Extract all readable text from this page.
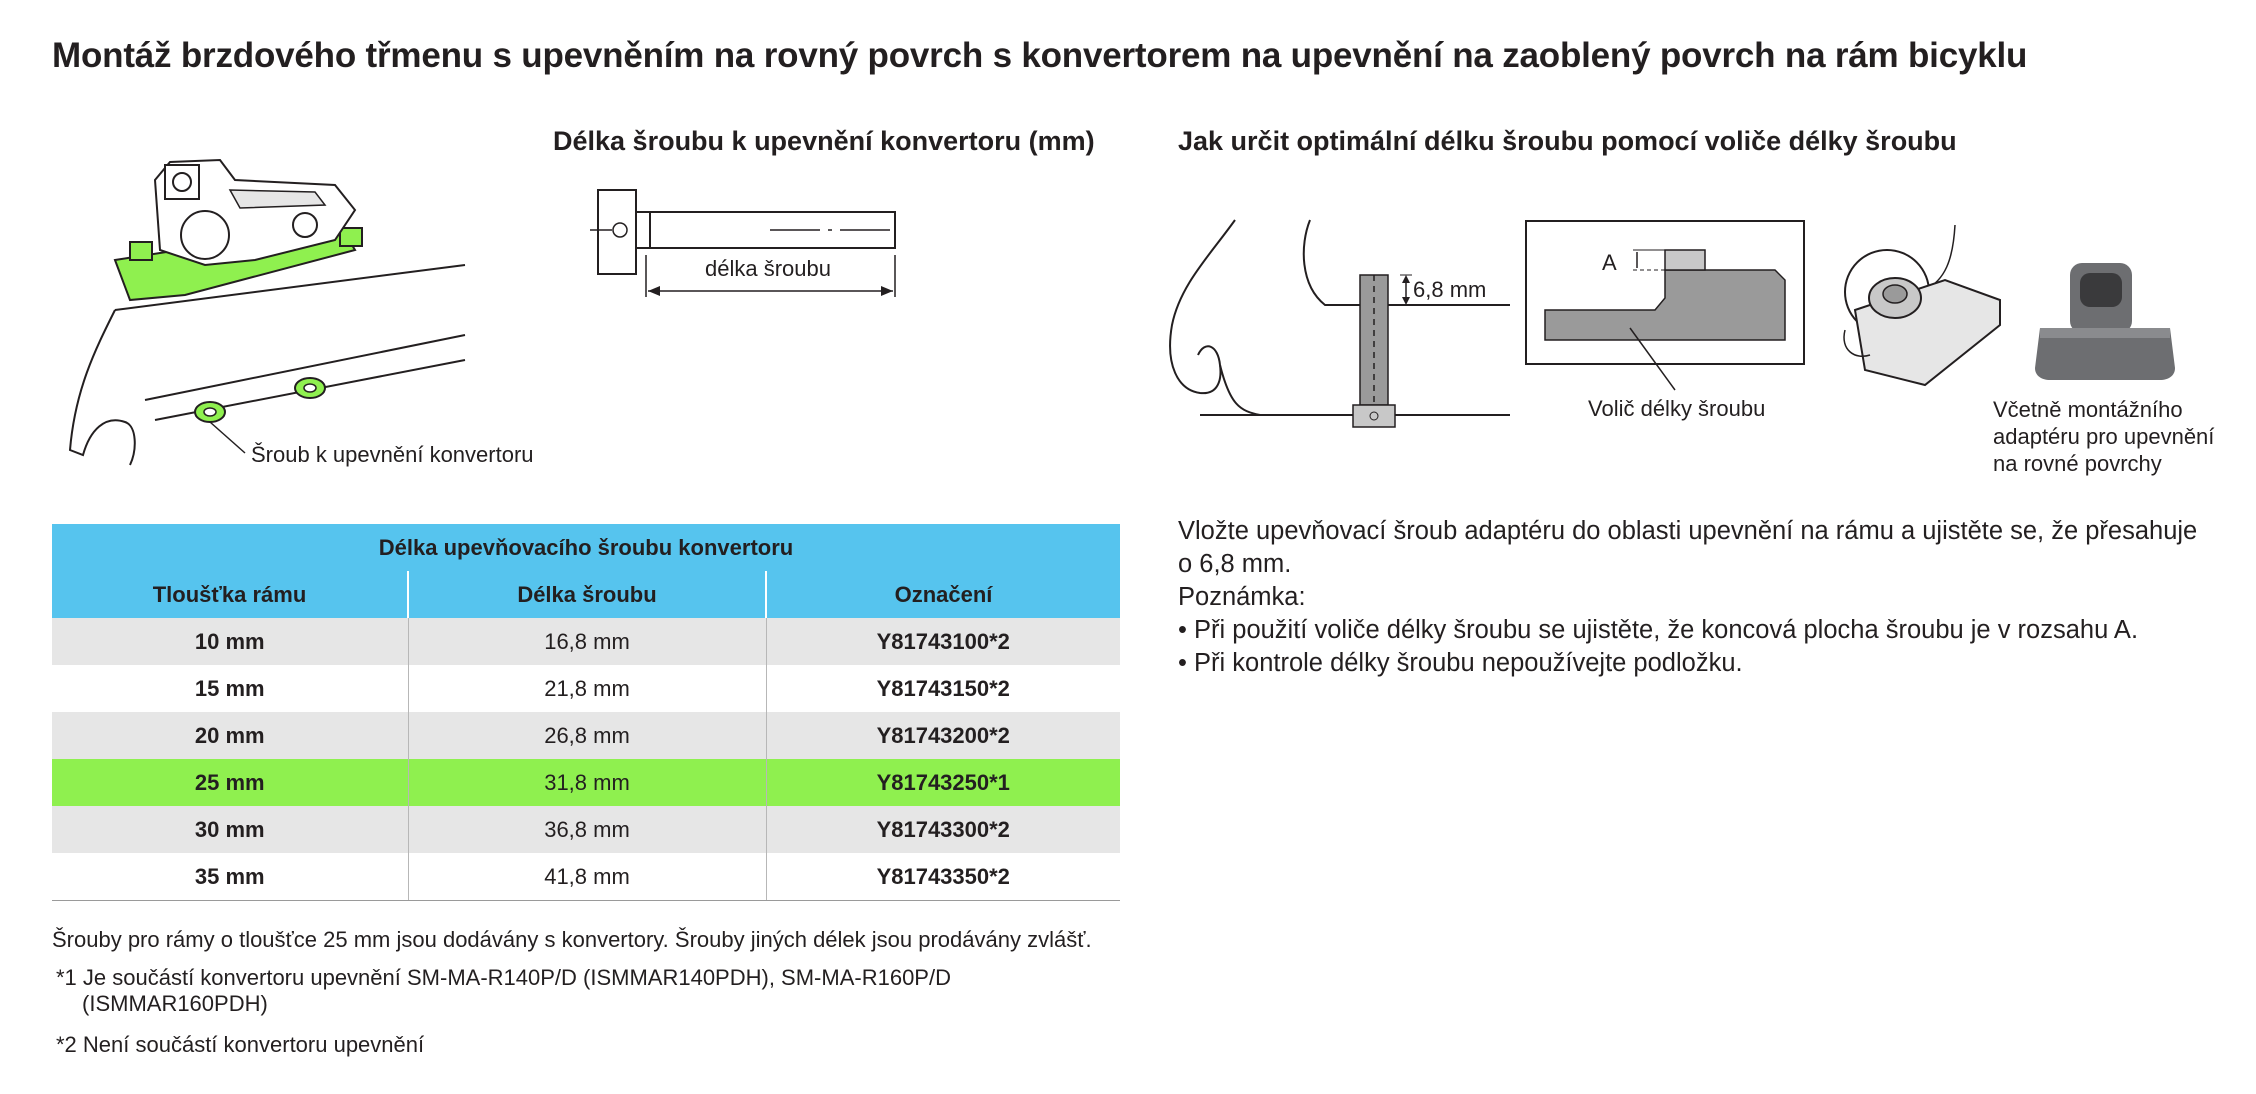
Montáž brzdového třmenu s upevněním na rovný povrch s konvertorem na upevnění na zaoblený povrch na rám bicyklu
Šroub k upevnění konvertoru
Délka šroubu k upevnění konvertoru (mm)
délka šroubu
Jak určit optimální délku šroubu pomocí voliče délky šroubu
6,8 mm
A
Volič délky šroubu	Včetně montážního
adaptéru pro upevnění
na rovné povrchy
Délka upevňovacího šroubu konvertoru		
Tloušťka rámu	Délka šroubu	Označení
10 mm	16,8 mm	Y81743100*2
15 mm	21,8 mm	Y81743150*2
20 mm	26,8 mm	Y81743200*2
25 mm	31,8 mm	Y81743250*1
30 mm	36,8 mm	Y81743300*2
35 mm	41,8 mm	Y81743350*2
Šrouby pro rámy o tloušťce 25 mm jsou dodávány s konvertory. Šrouby jiných délek jsou prodávány zvlášť.
*1 Je součástí konvertoru upevnění SM-MA-R140P/D (ISMMAR140PDH), SM-MA-R160P/D
(ISMMAR160PDH)
*2 Není součástí konvertoru upevnění
Vložte upevňovací šroub adaptéru do oblasti upevnění na rámu a ujistěte se, že přesahuje
o 6,8 mm.
Poznámka:
• Při použití voliče délky šroubu se ujistěte, že koncová plocha šroubu je v rozsahu A.
• Při kontrole délky šroubu nepoužívejte podložku.
